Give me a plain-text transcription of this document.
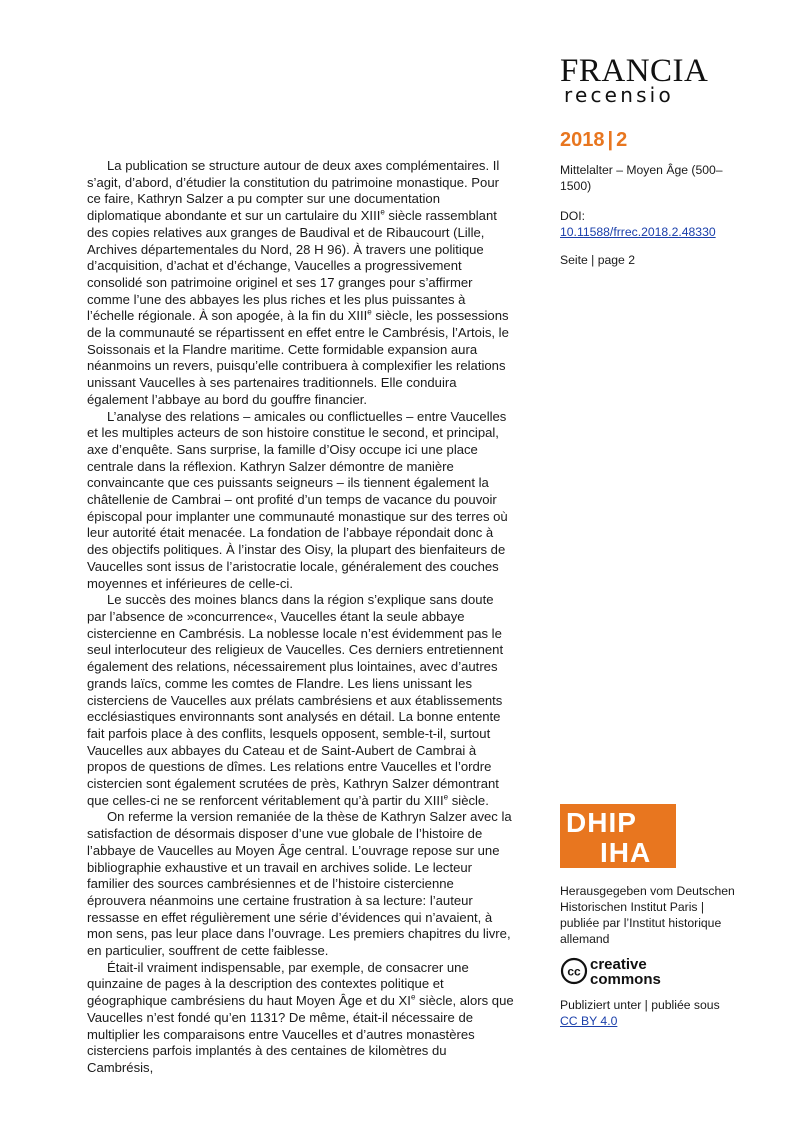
FRANCIA
recensio
2018 | 2
Mittelalter – Moyen Âge (500–1500)
DOI:
10.11588/frrec.2018.2.48330
Seite | page 2
DHIP
IHA
Herausgegeben vom Deutschen Historischen Institut Paris | publiée par l’Institut historique allemand
cc creative
commons
Publiziert unter | publiée sous
CC BY 4.0

La publication se structure autour de deux axes complémentaires. Il s’agit, d’abord, d’étudier la constitution du patrimoine monastique. Pour ce faire, Kathryn Salzer a pu compter sur une documentation diplomatique abondante et sur un cartulaire du XIIIe siècle rassemblant des copies relatives aux granges de Baudival et de Ribaucourt (Lille, Archives départementales du Nord, 28 H 96). À travers une politique d’acquisition, d’achat et d’échange, Vaucelles a progressivement consolidé son patrimoine originel et ses 17 granges pour s’affirmer comme l’une des abbayes les plus riches et les plus puissantes à l’échelle régionale. À son apogée, à la fin du XIIIe siècle, les possessions de la communauté se répartissent en effet entre le Cambrésis, l’Artois, le Soissonais et la Flandre maritime. Cette formidable expansion aura néanmoins un revers, puisqu’elle contribuera à complexifier les relations unissant Vaucelles à ses partenaires traditionnels. Elle conduira également l’abbaye au bord du gouffre financier.

L’analyse des relations – amicales ou conflictuelles – entre Vaucelles et les multiples acteurs de son histoire constitue le second, et principal, axe d’enquête. Sans surprise, la famille d’Oisy occupe ici une place centrale dans la réflexion. Kathryn Salzer démontre de manière convaincante que ces puissants seigneurs – ils tiennent également la châtellenie de Cambrai – ont profité d’un temps de vacance du pouvoir épiscopal pour implanter une communauté monastique sur des terres où leur autorité était menacée. La fondation de l’abbaye répondait donc à des objectifs politiques. À l’instar des Oisy, la plupart des bienfaiteurs de Vaucelles sont issus de l’aristocratie locale, généralement des couches moyennes et inférieures de celle-ci.

Le succès des moines blancs dans la région s’explique sans doute par l’absence de »concurrence«, Vaucelles étant la seule abbaye cistercienne en Cambrésis. La noblesse locale n’est évidemment pas le seul interlocuteur des religieux de Vaucelles. Ces derniers entretiennent également des relations, nécessairement plus lointaines, avec d’autres grands laïcs, comme les comtes de Flandre. Les liens unissant les cisterciens de Vaucelles aux prélats cambrésiens et aux établissements ecclésiastiques environnants sont analysés en détail. La bonne entente fait parfois place à des conflits, lesquels opposent, semble-t-il, surtout Vaucelles aux abbayes du Cateau et de Saint-Aubert de Cambrai à propos de questions de dîmes. Les relations entre Vaucelles et l’ordre cistercien sont également scrutées de près, Kathryn Salzer démontrant que celles-ci ne se renforcent véritablement qu’à partir du XIIIe siècle.

On referme la version remaniée de la thèse de Kathryn Salzer avec la satisfaction de désormais disposer d’une vue globale de l’histoire de l’abbaye de Vaucelles au Moyen Âge central. L’ouvrage repose sur une bibliographie exhaustive et un travail en archives solide. Le lecteur familier des sources cambrésiennes et de l’histoire cistercienne éprouvera néanmoins une certaine frustration à sa lecture: l’auteur ressasse en effet régulièrement une série d’évidences qui n’avaient, à mon sens, pas leur place dans l’ouvrage. Les premiers chapitres du livre, en particulier, souffrent de cette faiblesse.

Était-il vraiment indispensable, par exemple, de consacrer une quinzaine de pages à la description des contextes politique et géographique cambrésiens du haut Moyen Âge et du XIe siècle, alors que Vaucelles n’est fondé qu’en 1131? De même, était-il nécessaire de multiplier les comparaisons entre Vaucelles et d’autres monastères cisterciens parfois implantés à des centaines de kilomètres du Cambrésis,
